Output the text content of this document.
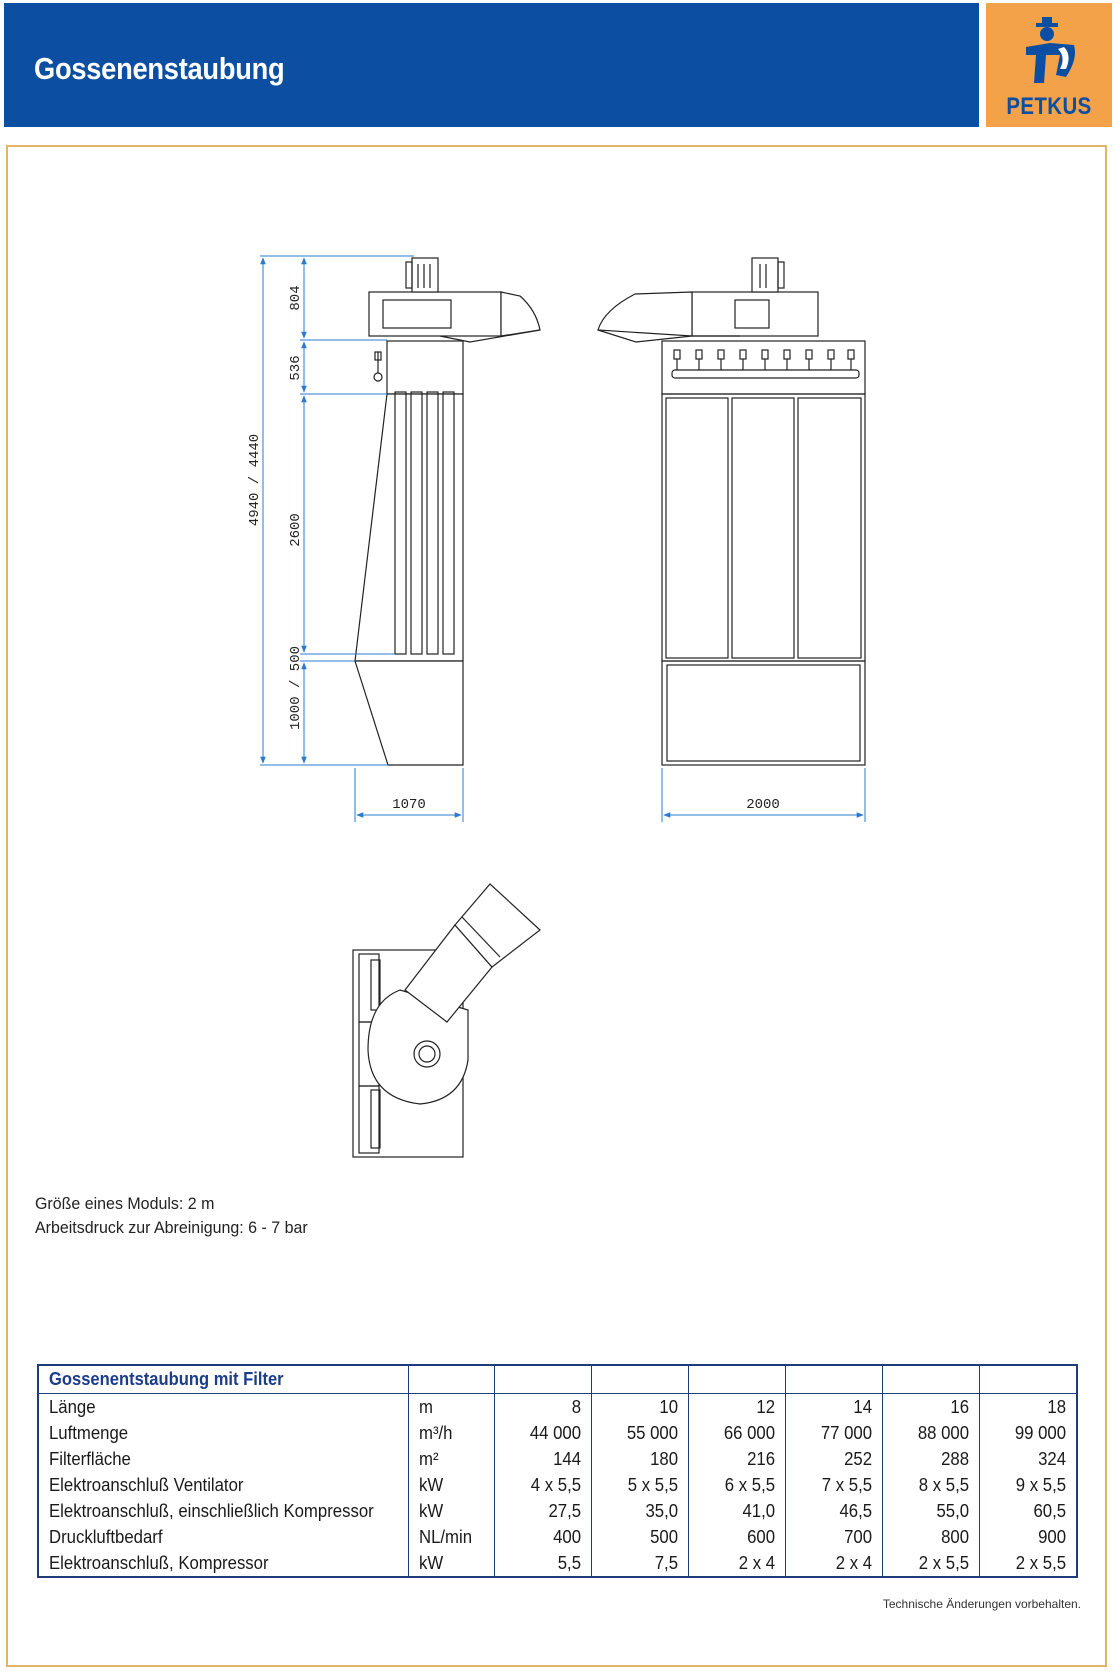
Gossenenstaubung
PETKUS
4940 / 4440
804
536
2600
1000 / 500
1070	2000
Größe eines Moduls: 2 m
Arbeitsdruck zur Abreinigung: 6 - 7 bar
Gossenentstaubung mit Filter							
Länge	m	8	10	12	14	16	18
Luftmenge	m³/h	44 000	55 000	66 000	77 000	88 000	99 000
Filterfläche	m²	144	180	216	252	288	324
Elektroanschluß Ventilator	kW	4 x 5,5	5 x 5,5	6 x 5,5	7 x 5,5	8 x 5,5	9 x 5,5
Elektroanschluß, einschließlich Kompressor	kW	27,5	35,0	41,0	46,5	55,0	60,5
Druckluftbedarf	NL/min	400	500	600	700	800	900
Elektroanschluß, Kompressor	kW	5,5	7,5	2 x 4	2 x 4	2 x 5,5	2 x 5,5
Technische Änderungen vorbehalten.
